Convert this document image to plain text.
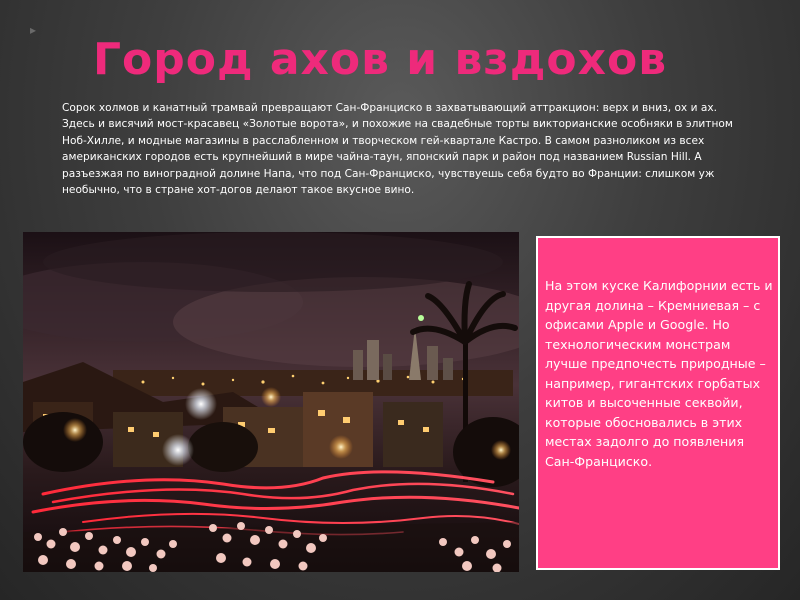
▸
Город ахов и вздохов

Сорок холмов и канатный трамвай превращают Сан-Франциско в захватывающий аттракцион: верх и вниз, ох и ах. Здесь и висячий мост-красавец «Золотые ворота», и похожие на свадебные торты викторианские особняки в элитном Ноб-Хилле, и модные магазины в расслабленном и творческом гей-квартале Кастро. В самом разноликом из всех американских городов есть крупнейший в мире чайна-таун, японский парк и район под названием Russian Hill. А разъезжая по виноградной долине Напа, что под Сан-Франциско, чувствуешь себя будто во Франции: слишком уж необычно, что в стране хот-догов делают такое вкусное вино.

На этом куске Калифорнии есть и другая долина – Кремниевая – с офисами Apple и Google. Но технологическим монстрам лучше предпочесть природные – например, гигантских горбатых китов и высоченные секвойи, которые обосновались в этих местах задолго до появления Сан-Франциско.
